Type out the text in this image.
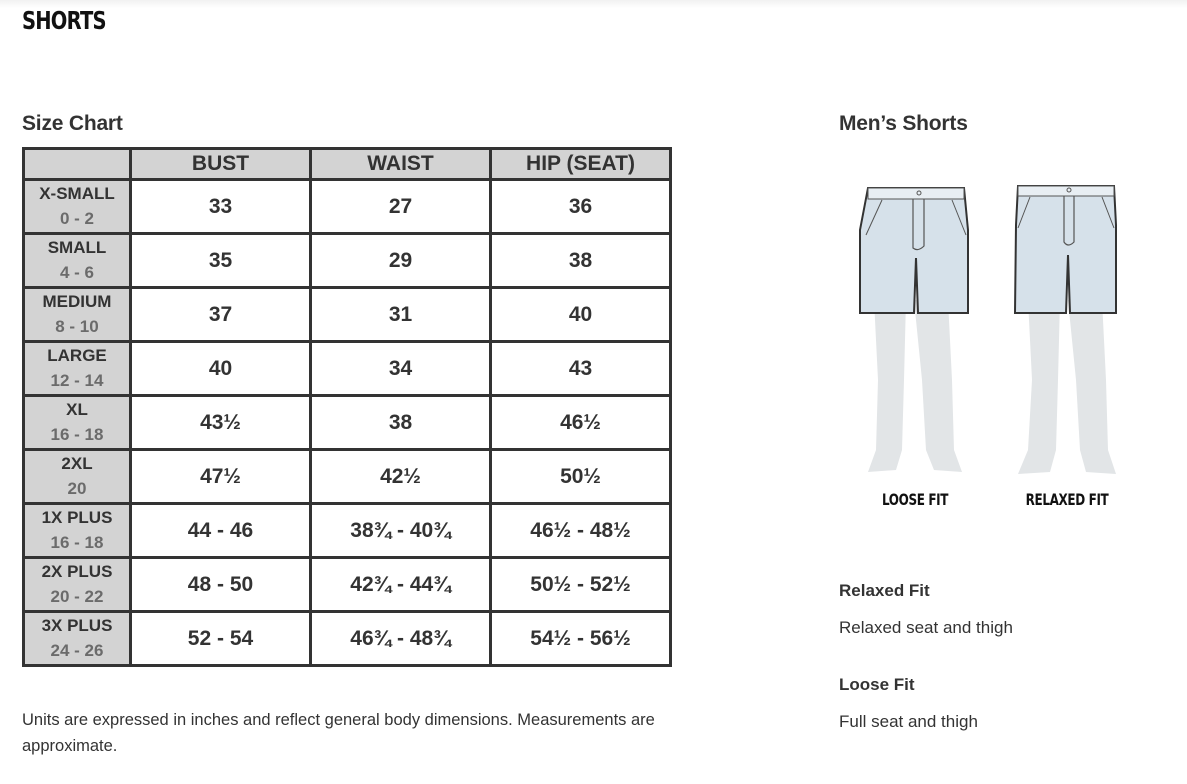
SHORTS
Size Chart
	BUST	WAIST	HIP (SEAT)

X-SMALL
0 - 2	33	27	36

SMALL
4 - 6	35	29	38

MEDIUM
8 - 10	37	31	40

LARGE
12 - 14	40	34	43

XL
16 - 18	43½	38	46½

2XL
20	47½	42½	50½

1X PLUS
16 - 18	44 - 46	38¾ - 40¾	46½ - 48½

2X PLUS
20 - 22	48 - 50	42¾ - 44¾	50½ - 52½

3X PLUS
24 - 26	52 - 54	46¾ - 48¾	54½ - 56½

Units are expressed in inches and reflect general body dimensions. Measurements are approximate.

Men’s Shorts
LOOSE FIT	RELAXED FIT
Relaxed Fit

Relaxed seat and thigh

Loose Fit

Full seat and thigh
